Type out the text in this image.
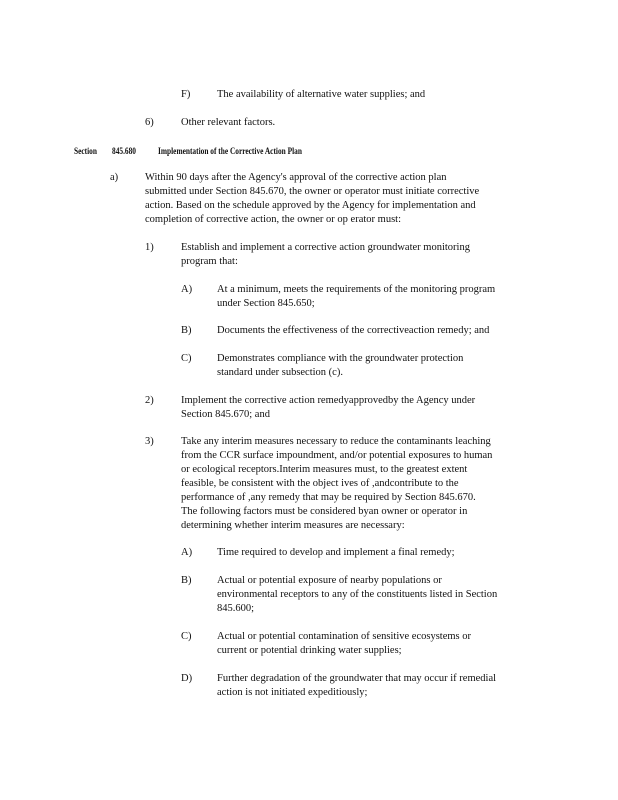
F)	The availability of alternative water supplies; and
6)	Other relevant factors.
Section 845.680 Implementation of the Corrective Action Plan
a)	Within 90 days after the Agency's approval of the corrective action plan
submitted under Section 845.670, the owner or operator must initiate corrective
action. Based on the schedule approved by the Agency for implementation and
completion of corrective action, the owner or op erator must:
1)	Establish and implement a corrective action groundwater monitoring
program that:
A) At a minimum, meets the requirements of the monitoring program
under Section 845.650;
B) Documents the effectiveness of the correctiveaction remedy; and
C) Demonstrates compliance with the groundwater protection
standard under subsection (c).
2)	Implement the corrective action remedyapprovedby the Agency under
Section 845.670; and
3)	Take any interim measures necessary to reduce the contaminants leaching
from the CCR surface impoundment, and/or potential exposures to human
or ecological receptors.Interim measures must, to the greatest extent
feasible, be consistent with the object ives of ,andcontribute to the
performance of ,any remedy that may be required by Section 845.670.
The following factors must be considered byan owner or operator in
determining whether interim measures are necessary:
A) Time required to develop and implement a final remedy;
B) Actual or potential exposure of nearby populations or
environmental receptors to any of the constituents listed in Section
845.600;
C) Actual or potential contamination of sensitive ecosystems or
current or potential drinking water supplies;
D) Further degradation of the groundwater that may occur if remedial
action is not initiated expeditiously;
